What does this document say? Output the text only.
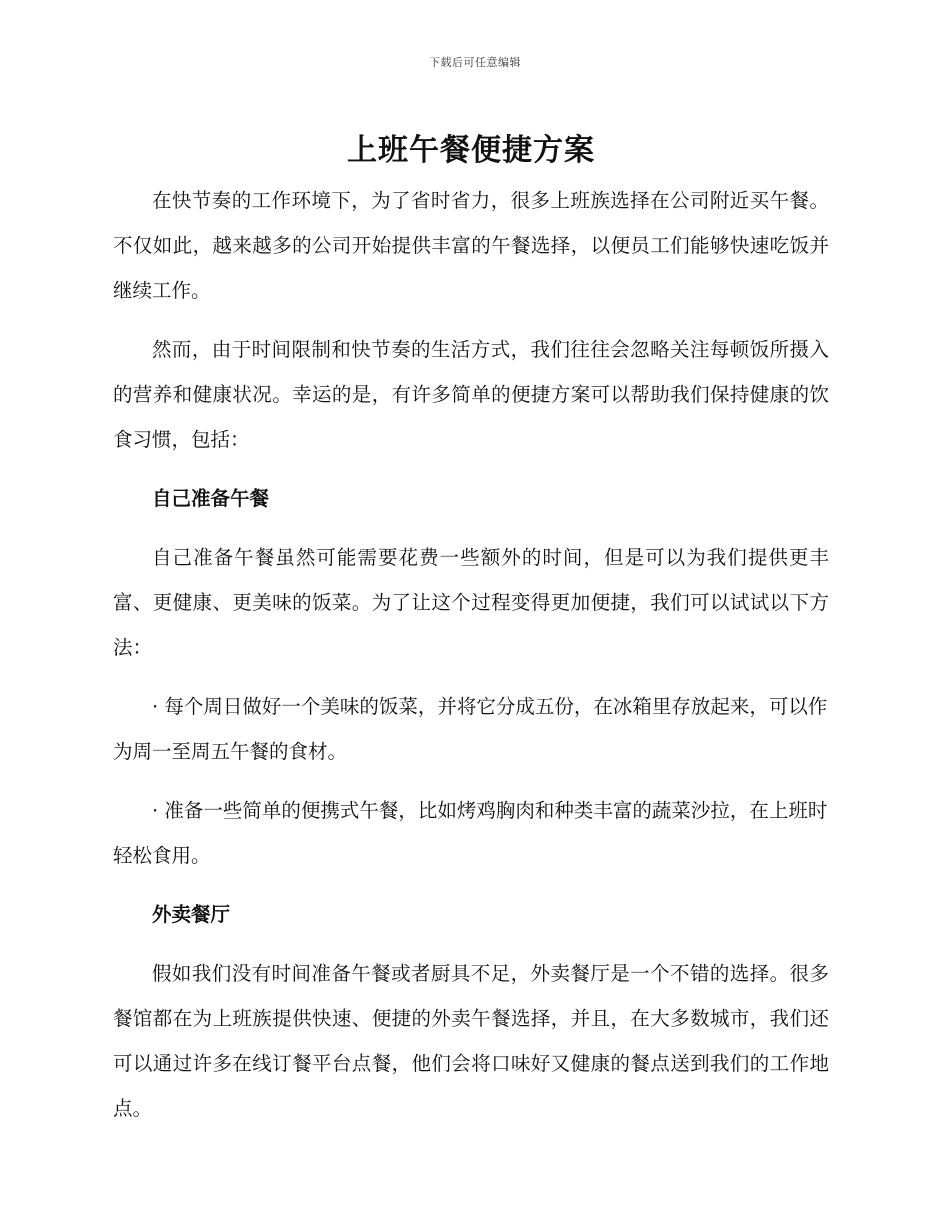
下载后可任意编辑
上班午餐便捷方案

在快节奏的工作环境下，为了省时省力，很多上班族选择在公司附近买午餐。不仅如此，越来越多的公司开始提供丰富的午餐选择，以便员工们能够快速吃饭并继续工作。

然而，由于时间限制和快节奏的生活方式，我们往往会忽略关注每顿饭所摄入的营养和健康状况。幸运的是，有许多简单的便捷方案可以帮助我们保持健康的饮食习惯，包括：

自己准备午餐

自己准备午餐虽然可能需要花费一些额外的时间，但是可以为我们提供更丰富、更健康、更美味的饭菜。为了让这个过程变得更加便捷，我们可以试试以下方法：

· 每个周日做好一个美味的饭菜，并将它分成五份，在冰箱里存放起来，可以作为周一至周五午餐的食材。

· 准备一些简单的便携式午餐，比如烤鸡胸肉和种类丰富的蔬菜沙拉，在上班时轻松食用。

外卖餐厅

假如我们没有时间准备午餐或者厨具不足，外卖餐厅是一个不错的选择。很多餐馆都在为上班族提供快速、便捷的外卖午餐选择，并且，在大多数城市，我们还可以通过许多在线订餐平台点餐，他们会将口味好又健康的餐点送到我们的工作地点。
